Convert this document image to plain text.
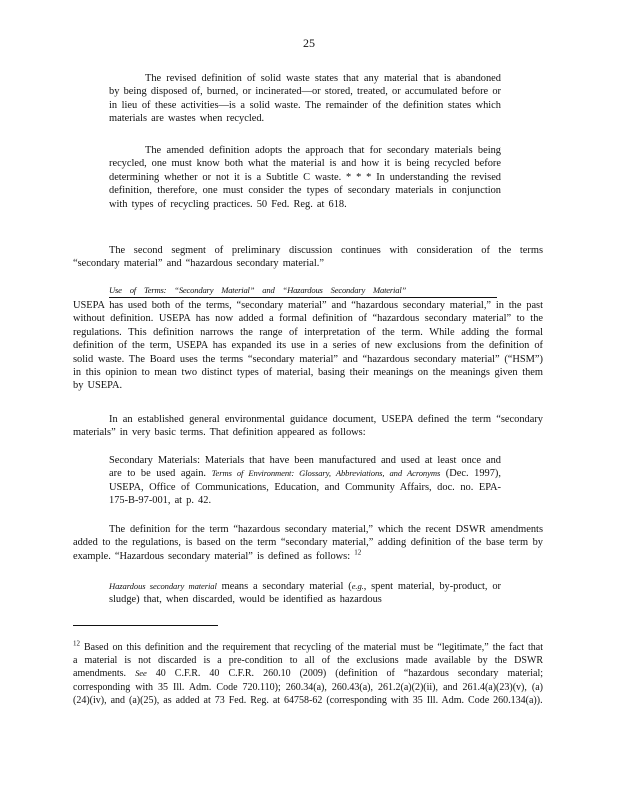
25
The revised definition of solid waste states that any material that is abandoned by being disposed of, burned, or incinerated—or stored, treated, or accumulated before or in lieu of these activities—is a solid waste. The remainder of the definition states which materials are wastes when recycled.
The amended definition adopts the approach that for secondary materials being recycled, one must know both what the material is and how it is being recycled before determining whether or not it is a Subtitle C waste. * * * In understanding the revised definition, therefore, one must consider the types of secondary materials in conjunction with types of recycling practices. 50 Fed. Reg. at 618.
The second segment of preliminary discussion continues with consideration of the terms “secondary material” and “hazardous secondary material.”
Use of Terms: “Secondary Material” and “Hazardous Secondary Material”
USEPA has used both of the terms, “secondary material” and “hazardous secondary material,” in the past without definition. USEPA has now added a formal definition of “hazardous secondary material” to the regulations. This definition narrows the range of interpretation of the term. While adding the formal definition of the term, USEPA has expanded its use in a series of new exclusions from the definition of solid waste. The Board uses the terms “secondary material” and “hazardous secondary material” (“HSM”) in this opinion to mean two distinct types of material, basing their meanings on the meanings given them by USEPA.
In an established general environmental guidance document, USEPA defined the term “secondary materials” in very basic terms. That definition appeared as follows:
Secondary Materials: Materials that have been manufactured and used at least once and are to be used again. Terms of Environment: Glossary, Abbreviations, and Acronyms (Dec. 1997), USEPA, Office of Communications, Education, and Community Affairs, doc. no. EPA-175-B-97-001, at p. 42.
The definition for the term “hazardous secondary material,” which the recent DSWR amendments added to the regulations, is based on the term “secondary material,” adding definition of the base term by example. “Hazardous secondary material” is defined as follows: $^{12}$
Hazardous secondary material means a secondary material (e.g., spent material, by-product, or sludge) that, when discarded, would be identified as hazardous
$^{12}$ Based on this definition and the requirement that recycling of the material must be “legitimate,” the fact that a material is not discarded is a pre-condition to all of the exclusions made available by the DSWR amendments. See 40 C.F.R. 40 C.F.R. 260.10 (2009) (definition of “hazardous secondary material; corresponding with 35 Ill. Adm. Code 720.110); 260.34(a), 260.43(a), 261.2(a)(2)(ii), and 261.4(a)(23)(v), (a)(24)(iv), and (a)(25), as added at 73 Fed. Reg. at 64758-62 (corresponding with 35 Ill. Adm. Code 260.134(a)).
